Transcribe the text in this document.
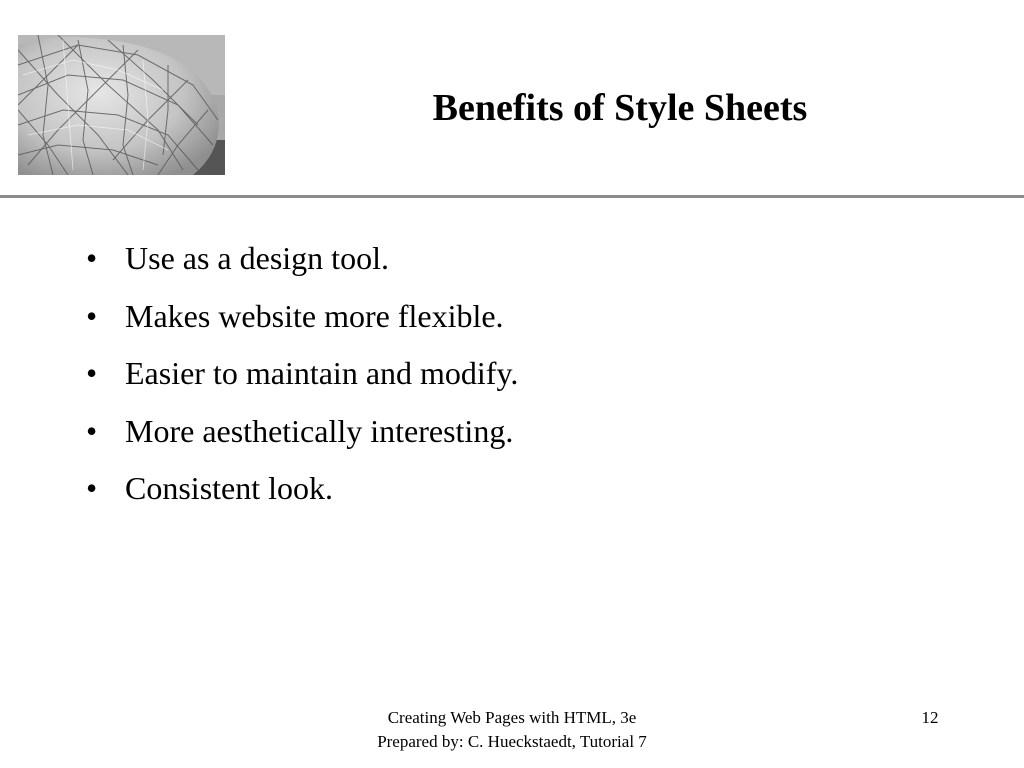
Benefits of Style Sheets
• Use as a design tool.
• Makes website more flexible.
• Easier to maintain and modify.
• More aesthetically interesting.
• Consistent look.
Creating Web Pages with HTML, 3e
Prepared by: C. Hueckstaedt, Tutorial 7
12
